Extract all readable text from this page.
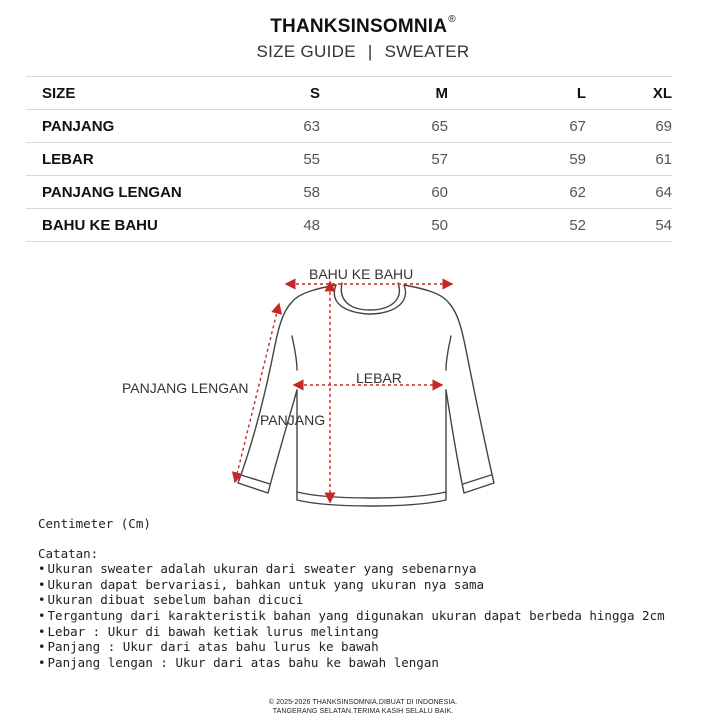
THANKSINSOMNIA®
SIZE GUIDE | SWEATER
SIZE	S	M	L	XL
PANJANG	63	65	67	69
LEBAR	55	57	59	61
PANJANG LENGAN	58	60	62	64
BAHU KE BAHU	48	50	52	54
BAHU KE BAHU
PANJANG LENGAN
LEBAR
PANJANG
Centimeter (Cm)
Catatan:
• Ukuran sweater adalah ukuran dari sweater yang sebenarnya
• Ukuran dapat bervariasi, bahkan untuk yang ukuran nya sama
• Ukuran dibuat sebelum bahan dicuci
• Tergantung dari karakteristik bahan yang digunakan ukuran dapat berbeda hingga 2cm
• Lebar : Ukur di bawah ketiak lurus melintang
• Panjang : Ukur dari atas bahu lurus ke bawah
• Panjang lengan : Ukur dari atas bahu ke bawah lengan
© 2025-2026 THANKSINSOMNIA.DIBUAT DI INDONESIA.
TANGERANG SELATAN.TERIMA KASIH SELALU BAIK.
